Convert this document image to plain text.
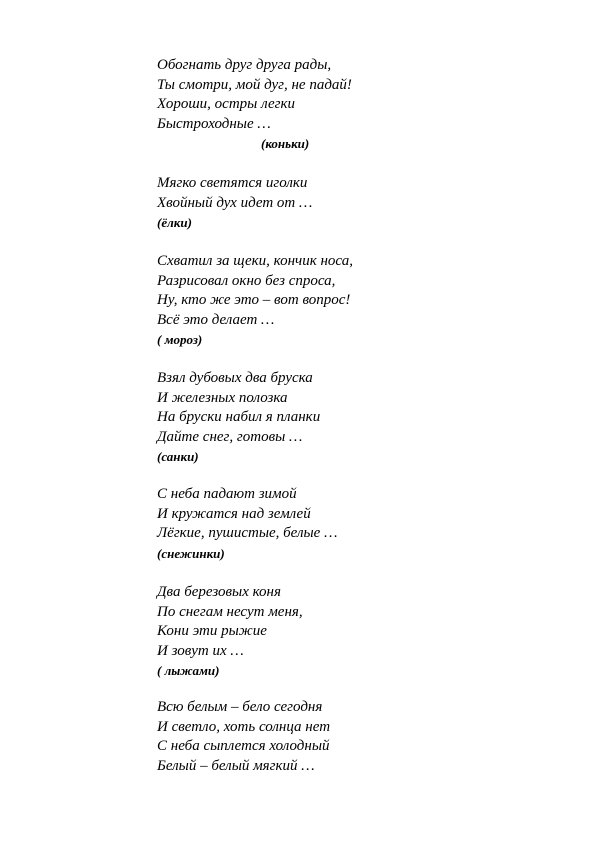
Обогнать друг друга рады,
Ты смотри, мой дуг, не падай!
Хороши, остры легки
Быстроходные …
(коньки)
Мягко светятся иголки
Хвойный дух идет от …
(ёлки)
Схватил за щеки, кончик носа,
Разрисовал окно без спроса,
Ну, кто же это – вот вопрос!
Всё это делает …
( мороз)
Взял дубовых два бруска
И железных полозка
На бруски набил я планки
Дайте снег, готовы …
(санки)
С неба падают зимой
И кружатся над землей
Лёгкие, пушистые, белые …
(снежинки)
Два березовых коня
По снегам несут меня,
Кони эти рыжие
И зовут их …
( лыжами)
Всю белым – бело сегодня
И светло, хоть солнца нет
С неба сыплется холодный
Белый – белый мягкий …
